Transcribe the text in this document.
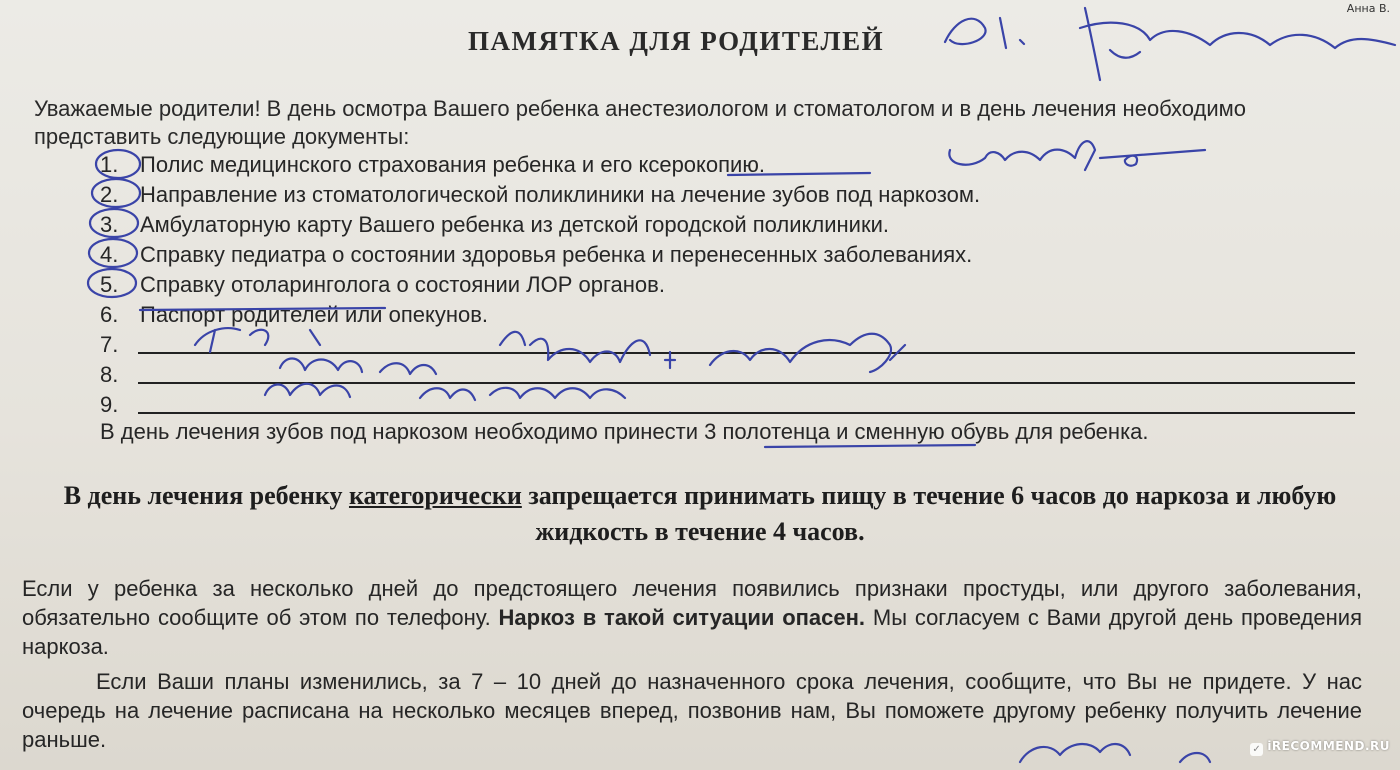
Анна В.
ПАМЯТКА ДЛЯ РОДИТЕЛЕЙ
Уважаемые родители! В день осмотра Вашего ребенка анестезиологом и стоматологом и в день лечения необходимо представить следующие документы:
1. Полис медицинского страхования ребенка и его ксерокопию.
2. Направление из стоматологической поликлиники на лечение зубов под наркозом.
3. Амбулаторную карту Вашего ребенка из детской городской поликлиники.
4. Справку педиатра о состоянии здоровья ребенка и перенесенных заболеваниях.
5. Справку отоларинголога о состоянии ЛОР органов.
6. Паспорт родителей или опекунов.
7.
8.
9.
В день лечения зубов под наркозом необходимо принести 3 полотенца и сменную обувь для ребенка.
В день лечения ребенку категорически запрещается принимать пищу в течение 6 часов до наркоза и любую жидкость в течение 4 часов.
Если у ребенка за несколько дней до предстоящего лечения появились признаки простуды, или другого заболевания, обязательно сообщите об этом по телефону. Наркоз в такой ситуации опасен. Мы согласуем с Вами другой день проведения наркоза.
Если Ваши планы изменились, за 7 – 10 дней до назначенного срока лечения, сообщите, что Вы не придете. У нас очередь на лечение расписана на несколько месяцев вперед, позвонив нам, Вы поможете другому ребенку получить лечение раньше.	✓ iRECOMMEND.RU
